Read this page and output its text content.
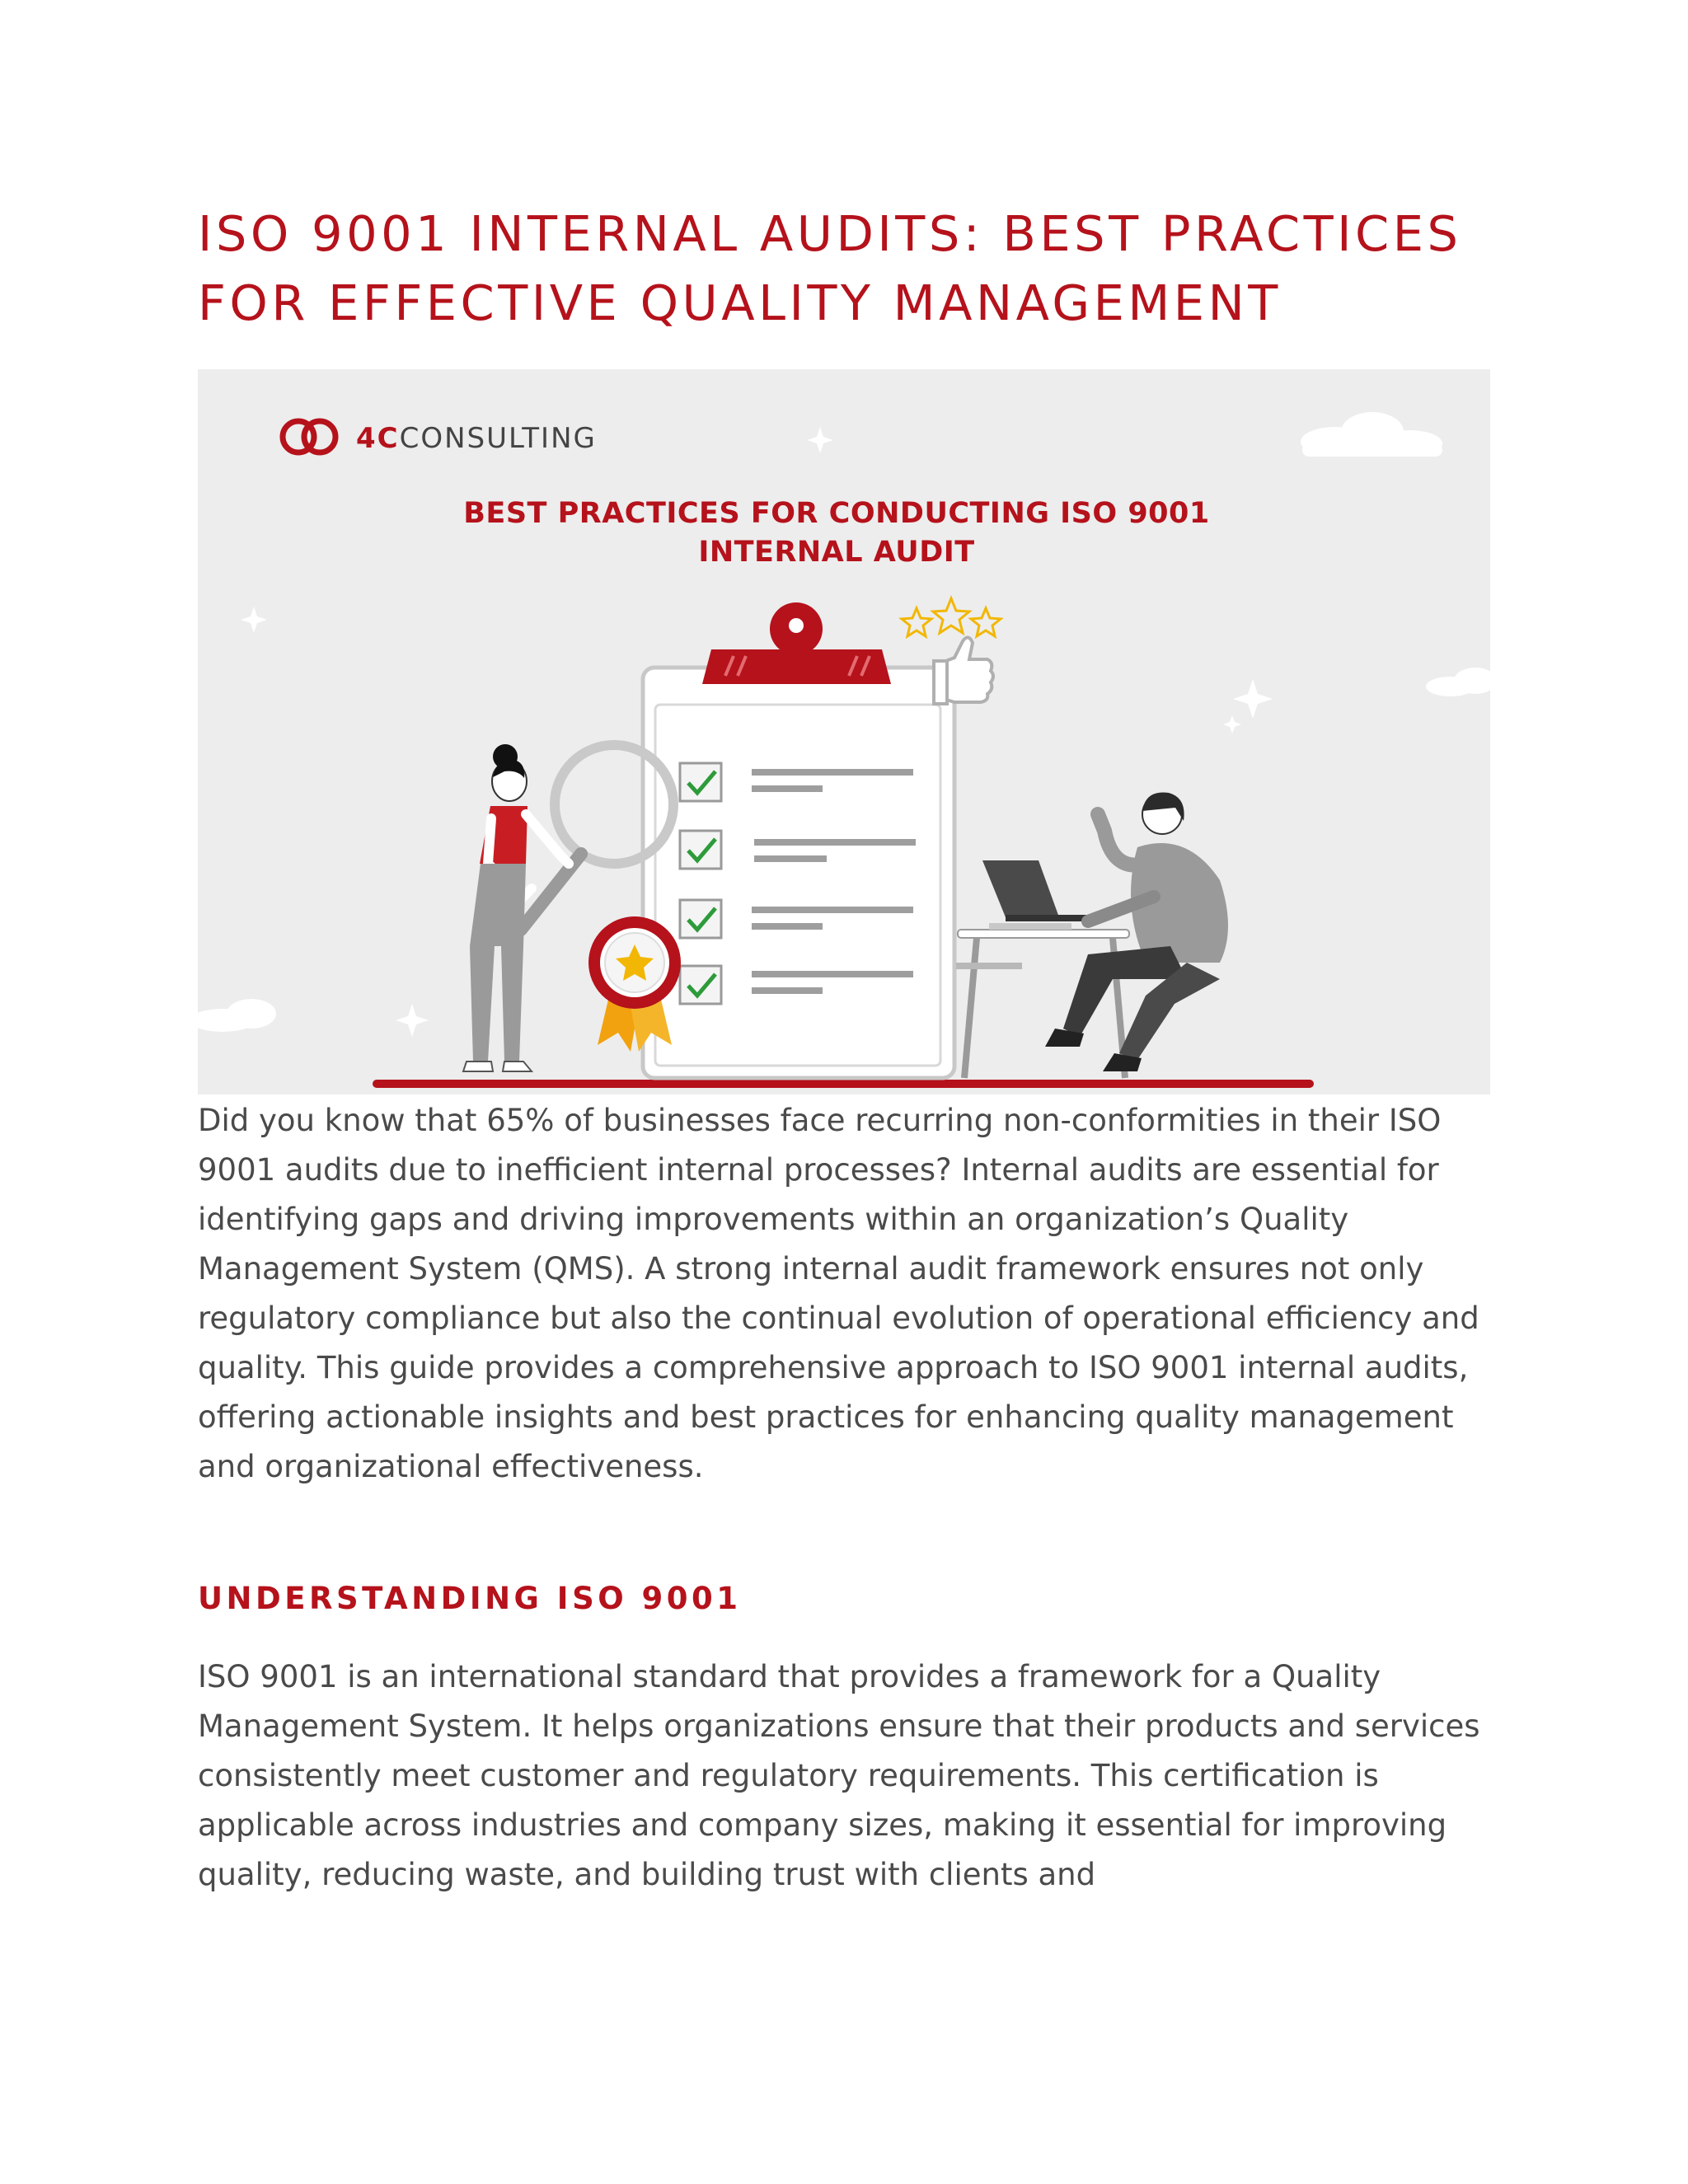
ISO 9001 INTERNAL AUDITS: BEST PRACTICES FOR EFFECTIVE QUALITY MANAGEMENT
4CCONSULTING
BEST PRACTICES FOR CONDUCTING ISO 9001
INTERNAL AUDIT

Did you know that 65% of businesses face recurring non-conformities in their ISO 9001 audits due to inefficient internal processes? Internal audits are essential for identifying gaps and driving improvements within an organization’s Quality Management System (QMS). A strong internal audit framework ensures not only regulatory compliance but also the continual evolution of operational efficiency and quality. This guide provides a comprehensive approach to ISO 9001 internal audits, offering actionable insights and best practices for enhancing quality management and organizational effectiveness.

UNDERSTANDING ISO 9001

ISO 9001 is an international standard that provides a framework for a Quality Management System. It helps organizations ensure that their products and services consistently meet customer and regulatory requirements. This certification is applicable across industries and company sizes, making it essential for improving quality, reducing waste, and building trust with clients and
